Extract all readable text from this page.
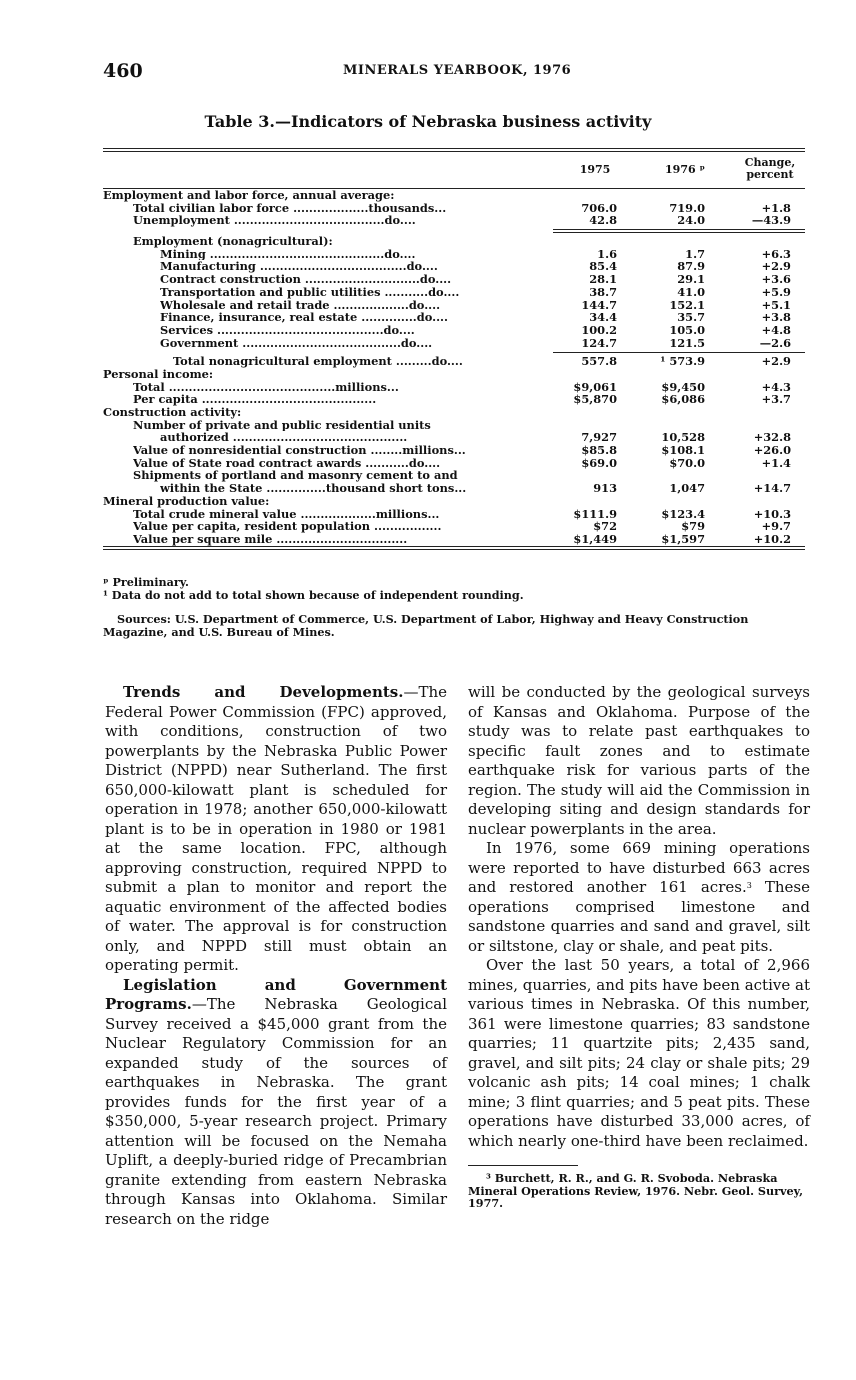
460	MINERALS YEARBOOK, 1976
Table 3.—Indicators of Nebraska business activity
1975	1976 ᵖ
Change, percent
Employment and labor force, annual average:
Total civilian labor force ...................thousands...	706.0	719.0	+1.8
Unemployment ......................................do....	42.8	24.0	—43.9
Employment (nonagricultural):
Mining ............................................do....	1.6	1.7	+6.3
Manufacturing .....................................do....	85.4	87.9	+2.9
Contract construction .............................do....	28.1	29.1	+3.6
Transportation and public utilities ...........do....	38.7	41.0	+5.9
Wholesale and retail trade ...................do....	144.7	152.1	+5.1
Finance, insurance, real estate ..............do....	34.4	35.7	+3.8
Services ..........................................do....	100.2	105.0	+4.8
Government ........................................do....	124.7	121.5	—2.6
Total nonagricultural employment .........do....	557.8	¹ 573.9	+2.9
Personal income:
Total ..........................................millions...	$9,061	$9,450	+4.3
Per capita ............................................	$5,870	$6,086	+3.7
Construction activity:
Number of private and public residential units
authorized ............................................	7,927	10,528	+32.8
Value of nonresidential construction ........millions...	$85.8	$108.1	+26.0
Value of State road contract awards ...........do....	$69.0	$70.0	+1.4
Shipments of portland and masonry cement to and
within the State ...............thousand short tons...	913	1,047	+14.7
Mineral production value:
Total crude mineral value ...................millions...	$111.9	$123.4	+10.3
Value per capita, resident population .................	$72	$79	+9.7
Value per square mile .................................	$1,449	$1,597	+10.2

ᵖ Preliminary.

¹ Data do not add to total shown because of independent rounding.

Sources: U.S. Department of Commerce, U.S. Department of Labor, Highway and Heavy Construction Magazine, and U.S. Bureau of Mines.

Trends and Developments.—The Federal Power Commission (FPC) approved, with conditions, construction of two powerplants by the Nebraska Public Power District (NPPD) near Sutherland. The first 650,000-kilowatt plant is scheduled for operation in 1978; another 650,000-kilowatt plant is to be in operation in 1980 or 1981 at the same location. FPC, although approving construction, required NPPD to submit a plan to monitor and report the aquatic environment of the affected bodies of water. The approval is for construction only, and NPPD still must obtain an operating permit.

Legislation and Government Programs.—The Nebraska Geological Survey received a $45,000 grant from the Nuclear Regulatory Commission for an expanded study of the sources of earthquakes in Nebraska. The grant provides funds for the first year of a $350,000, 5-year research project. Primary attention will be focused on the Nemaha Uplift, a deeply-buried ridge of Precambrian granite extending from eastern Nebraska through Kansas into Oklahoma. Similar research on the ridge

will be conducted by the geological surveys of Kansas and Oklahoma. Purpose of the study was to relate past earthquakes to specific fault zones and to estimate earthquake risk for various parts of the region. The study will aid the Commission in developing siting and design standards for nuclear powerplants in the area.

In 1976, some 669 mining operations were reported to have disturbed 663 acres and restored another 161 acres.$^3$ These operations comprised limestone and sandstone quarries and sand and gravel, silt or siltstone, clay or shale, and peat pits.

Over the last 50 years, a total of 2,966 mines, quarries, and pits have been active at various times in Nebraska. Of this number, 361 were limestone quarries; 83 sandstone quarries; 11 quartzite pits; 2,435 sand, gravel, and silt pits; 24 clay or shale pits; 29 volcanic ash pits; 14 coal mines; 1 chalk mine; 3 flint quarries; and 5 peat pits. These operations have disturbed 33,000 acres, of which nearly one-third have been reclaimed.

³ Burchett, R. R., and G. R. Svoboda. Nebraska Mineral Operations Review, 1976. Nebr. Geol. Survey, 1977.
